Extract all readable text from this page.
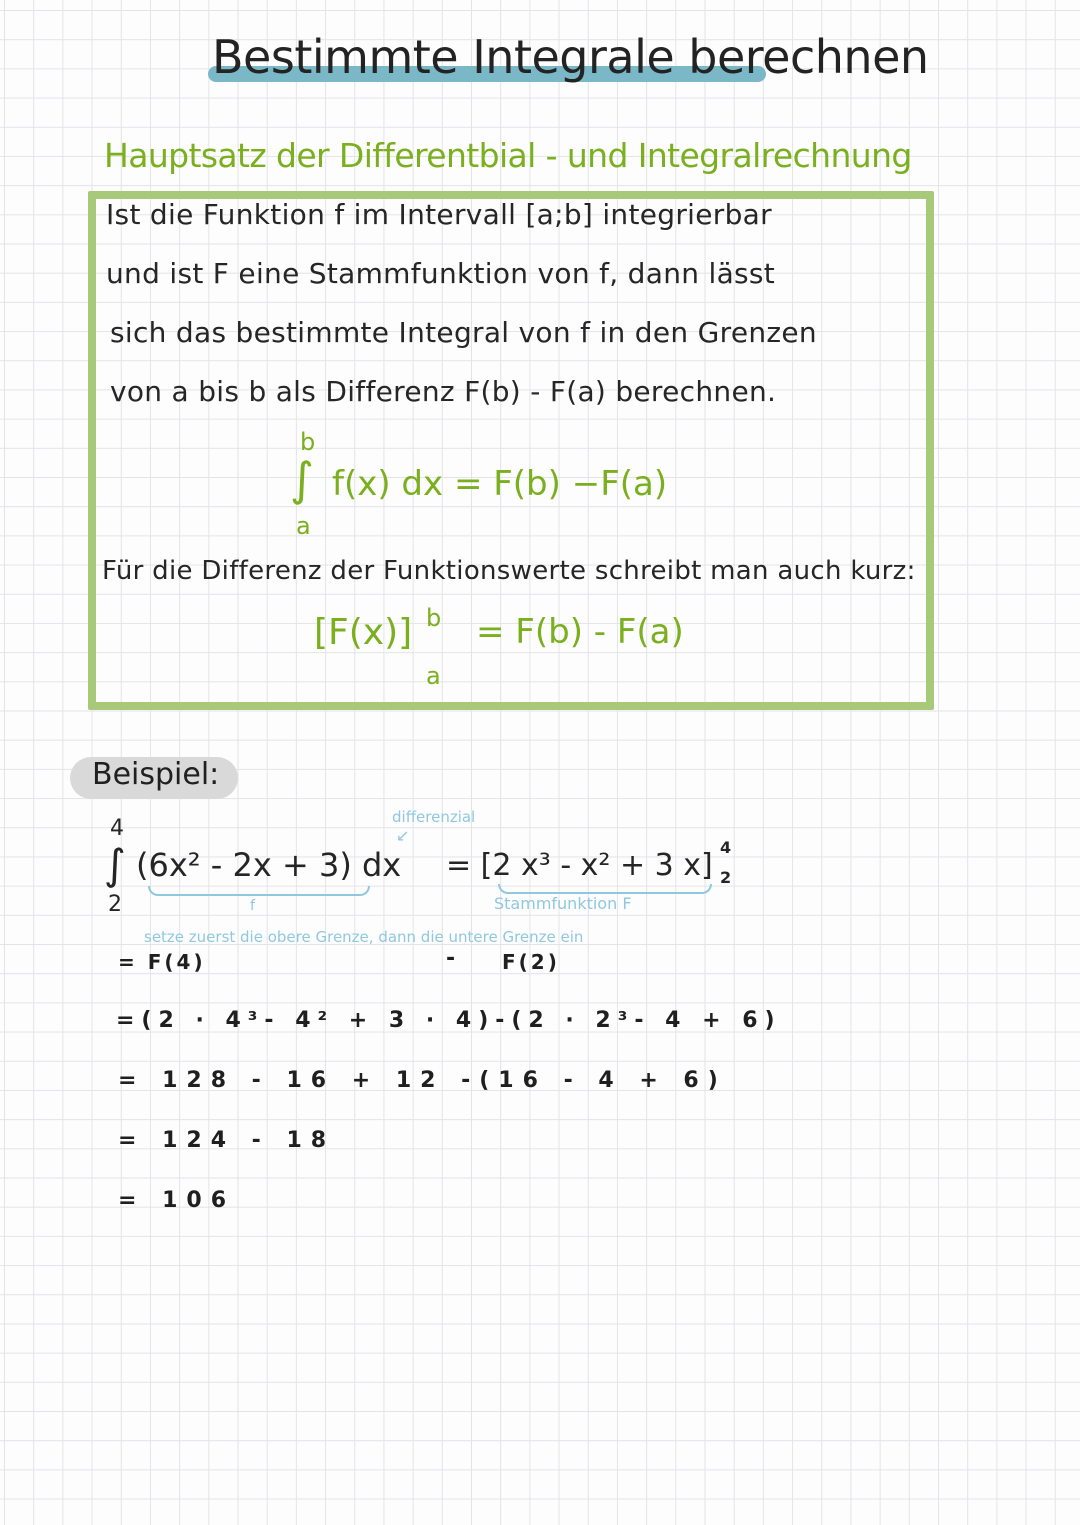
Bestimmte Integrale berechnen
Hauptsatz der Differentbial - und Integralrechnung
Ist die Funktion f im Intervall [a;b] integrierbar
und ist F eine Stammfunktion von f, dann lässt
sich das bestimmte Integral von f in den Grenzen
von a bis b als Differenz F(b) - F(a) berechnen.
b
∫
a
f(x) dx = F(b) −F(a)
Für die Differenz der Funktionswerte schreibt man auch kurz:
[F(x)] b
a
= F(b) - F(a)
Beispiel:
differenzial
↙
4
∫
2
(6x² - 2x + 3) dx
f
= [2 x³ - x² + 3 x]
4
2
Stammfunktion F
setze zuerst die obere Grenze, dann die untere Grenze ein
= F(4)	- F(2)
=(2 · 4³- 4² + 3 · 4)-(2 · 2³- 4 + 6)
= 128 - 16 + 12 -(16 - 4 + 6)
= 124 - 18
= 106
